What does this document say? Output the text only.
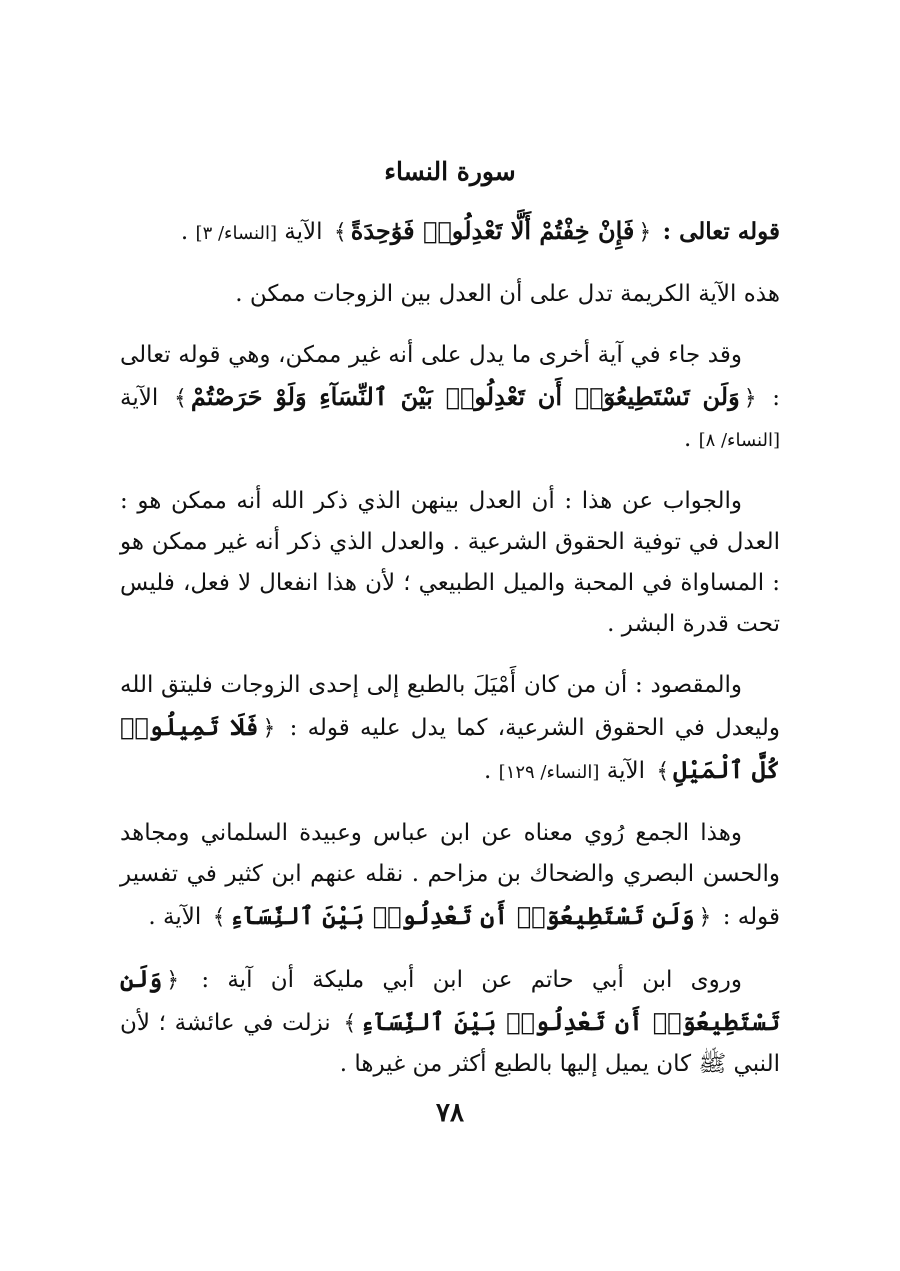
سورة النساء

قوله تعالى : ﴿فَإِنْ خِفْتُمْ أَلَّا تَعْدِلُوا۟ فَوَٰحِدَةً﴾ الآية [النساء/ ٣] .

هذه الآية الكريمة تدل على أن العدل بين الزوجات ممكن .

وقد جاء في آية أخرى ما يدل على أنه غير ممكن، وهي قوله تعالى : ﴿وَلَن تَسْتَطِيعُوٓا۟ أَن تَعْدِلُوا۟ بَيْنَ ٱلنِّسَآءِ وَلَوْ حَرَصْتُمْ﴾ الآية [النساء/ ٨] .

والجواب عن هذا : أن العدل بينهن الذي ذكر الله أنه ممكن هو : العدل في توفية الحقوق الشرعية . والعدل الذي ذكر أنه غير ممكن هو : المساواة في المحبة والميل الطبيعي ؛ لأن هذا انفعال لا فعل، فليس تحت قدرة البشر .

والمقصود : أن من كان أَمْيَلَ بالطبع إلى إحدى الزوجات فليتق الله وليعدل في الحقوق الشرعية، كما يدل عليه قوله : ﴿فَلَا تَمِيلُوا۟ كُلَّ ٱلْمَيْلِ﴾ الآية [النساء/ ١٢٩] .

وهذا الجمع رُوي معناه عن ابن عباس وعبيدة السلماني ومجاهد والحسن البصري والضحاك بن مزاحم . نقله عنهم ابن كثير في تفسير قوله : ﴿وَلَن تَسْتَطِيعُوٓا۟ أَن تَعْدِلُوا۟ بَيْنَ ٱلنِّسَآءِ﴾ الآية .

وروى ابن أبي حاتم عن ابن أبي مليكة أن آية : ﴿وَلَن تَسْتَطِيعُوٓا۟ أَن تَعْدِلُوا۟ بَيْنَ ٱلنِّسَآءِ﴾ نزلت في عائشة ؛ لأن النبي ﷺ كان يميل إليها بالطبع أكثر من غيرها .

٧٨
